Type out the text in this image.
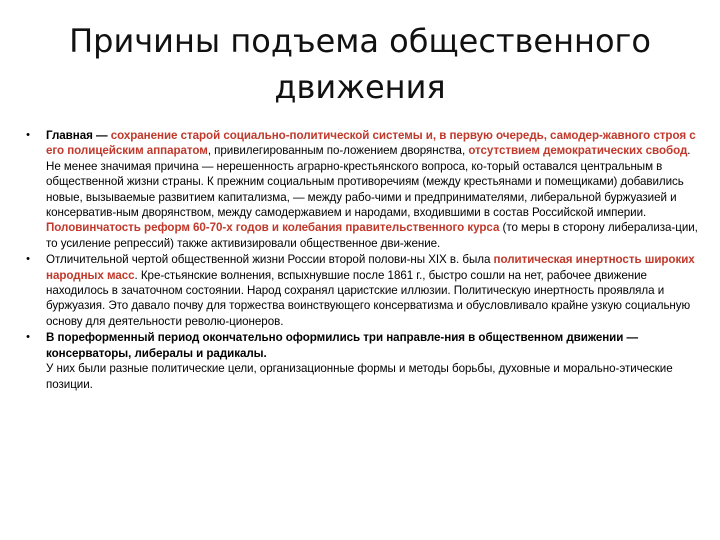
Причины подъема общественного движения
•	Главная — сохранение старой социально-политической системы и, в первую очередь, самодер-жавного строя с его полицейским аппаратом, привилегированным по-ложением дворянства, отсутствием демократических свобод. Не менее значимая причина — нерешенность аграрно-крестьянского вопроса, ко-торый оставался центральным в общественной жизни страны. К прежним социальным противоречиям (между крестьянами и помещиками) добавились новые, вызываемые развитием капитализма, — между рабо-чими и предпринимателями, либеральной буржуазией и консерватив-ным дворянством, между самодержавием и народами, входившими в состав Российской империи. Половинчатость реформ 60-70-х годов и колебания правительственного курса (то меры в сторону либерализа-ции, то усиление репрессий) также активизировали общественное дви-жение.
•	Отличительной чертой общественной жизни России второй полови-ны XIX в. была политическая инертность широких народных масс. Кре-стьянские волнения, вспыхнувшие после 1861 г., быстро сошли на нет, рабочее движение находилось в зачаточном состоянии. Народ сохранял царистские иллюзии. Политическую инертность проявляла и буржуазия. Это давало почву для торжества воинствующего консерватизма и обусловливало крайне узкую социальную основу для деятельности револю-ционеров.
•	В пореформенный период окончательно оформились три направле-ния в общественном движении — консерваторы, либералы и радикалы.
У них были разные политические цели, организационные формы и методы борьбы, духовные и морально-этические позиции.
